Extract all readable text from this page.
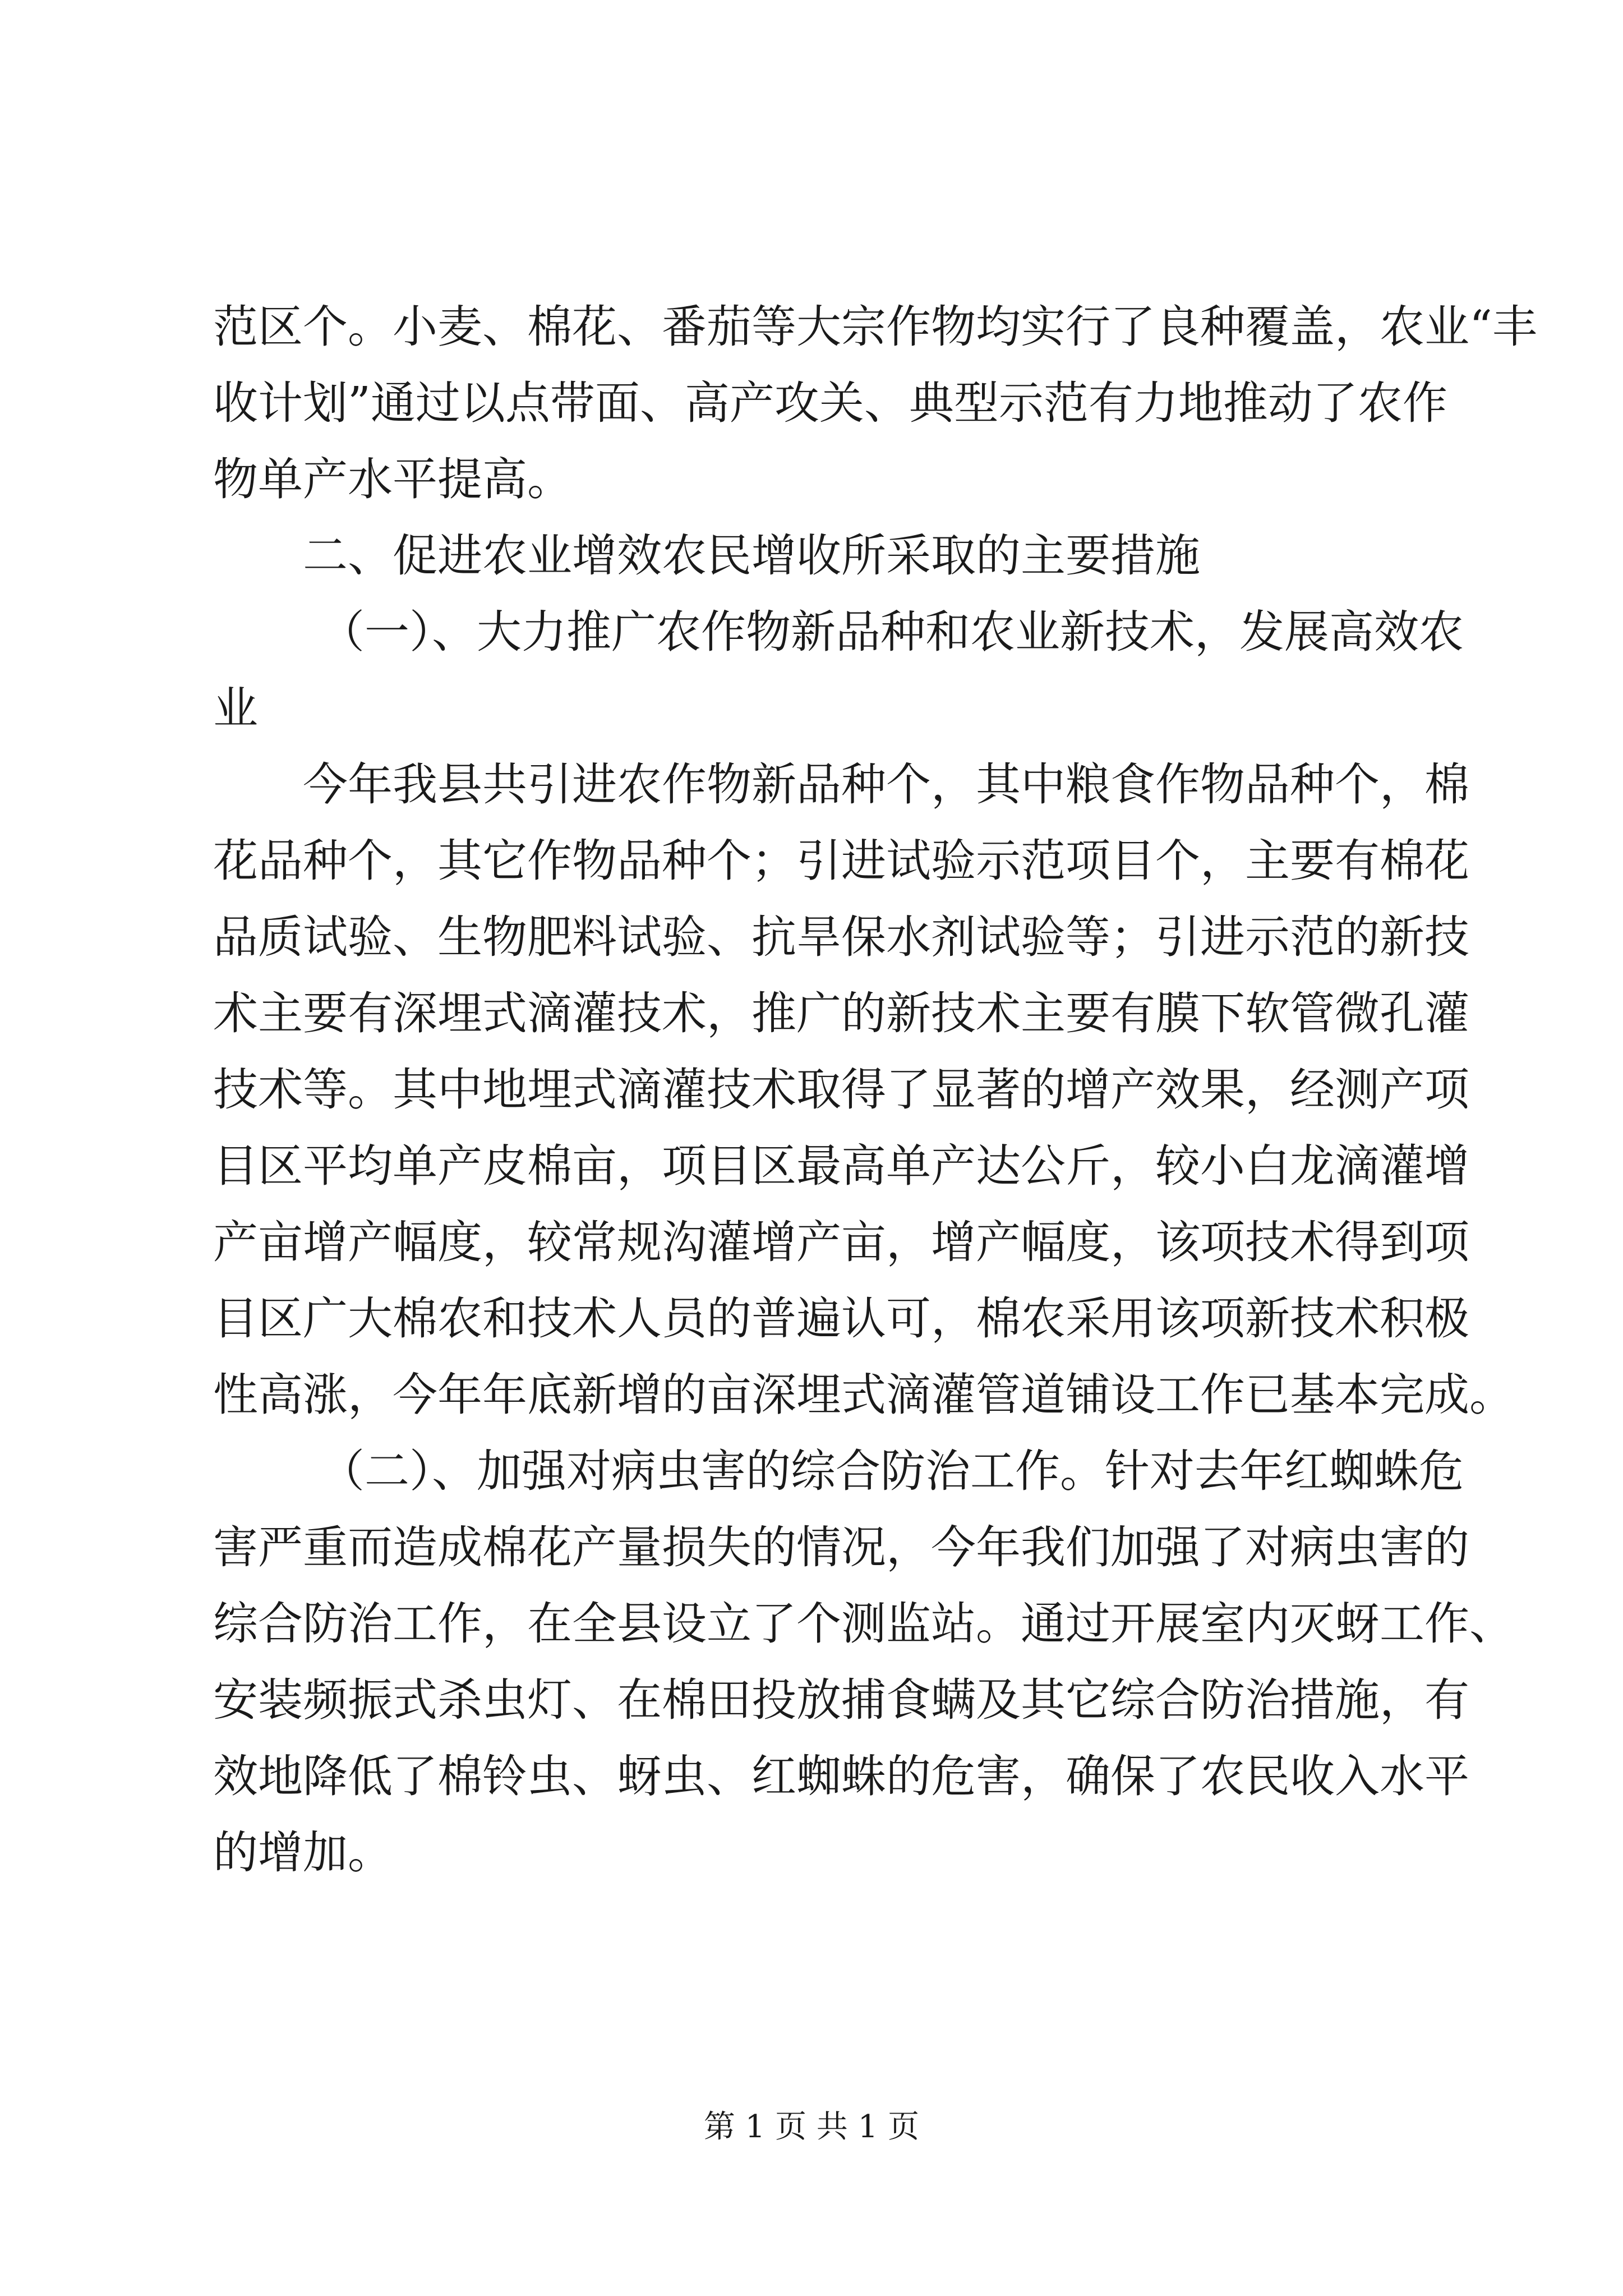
范区个。小麦、棉花、番茄等大宗作物均实行了良种覆盖，农业“丰
收计划”通过以点带面、高产攻关、典型示范有力地推动了农作
物单产水平提高。
二、促进农业增效农民增收所采取的主要措施
（一）、大力推广农作物新品种和农业新技术，发展高效农
业
今年我县共引进农作物新品种个，其中粮食作物品种个，棉
花品种个，其它作物品种个；引进试验示范项目个，主要有棉花
品质试验、生物肥料试验、抗旱保水剂试验等；引进示范的新技
术主要有深埋式滴灌技术，推广的新技术主要有膜下软管微孔灌
技术等。其中地埋式滴灌技术取得了显著的增产效果，经测产项
目区平均单产皮棉亩，项目区最高单产达公斤，较小白龙滴灌增
产亩增产幅度，较常规沟灌增产亩，增产幅度，该项技术得到项
目区广大棉农和技术人员的普遍认可，棉农采用该项新技术积极
性高涨，今年年底新增的亩深埋式滴灌管道铺设工作已基本完成。
（二）、加强对病虫害的综合防治工作。针对去年红蜘蛛危
害严重而造成棉花产量损失的情况，今年我们加强了对病虫害的
综合防治工作，在全县设立了个测监站。通过开展室内灭蚜工作、
安装频振式杀虫灯、在棉田投放捕食螨及其它综合防治措施，有
效地降低了棉铃虫、蚜虫、红蜘蛛的危害，确保了农民收入水平
的增加。
第 1 页 共 1 页
